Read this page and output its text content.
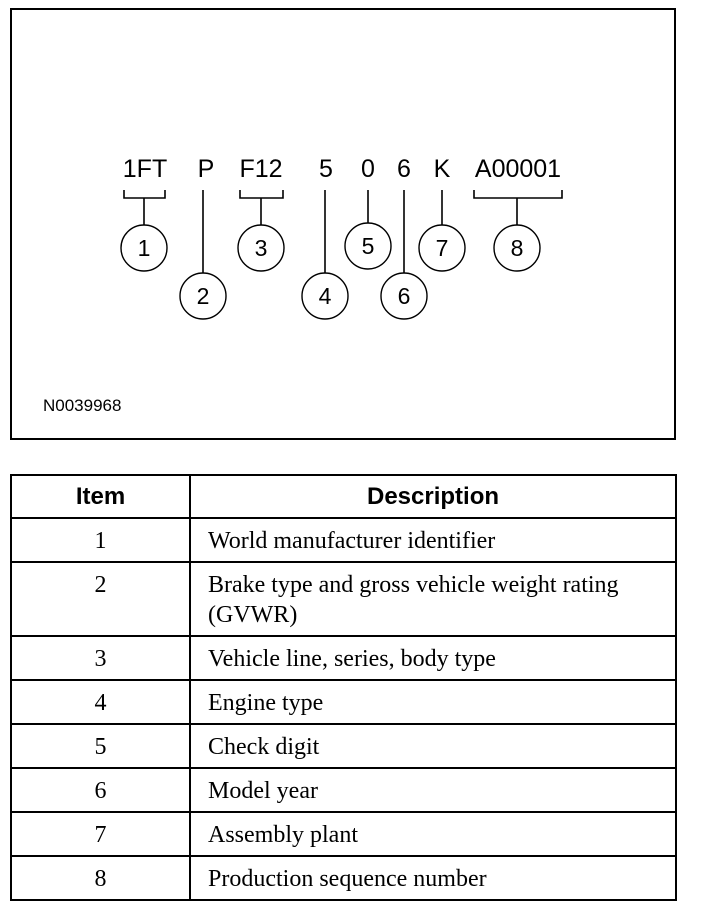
1FT P F12 5 0 6 K A00001
1
2
3
4
5
6
7	8
N0039968
Item	Description
1	World manufacturer identifier
2	Brake type and gross vehicle weight rating (GVWR)
3	Vehicle line, series, body type
4	Engine type
5	Check digit
6	Model year
7	Assembly plant
8	Production sequence number
